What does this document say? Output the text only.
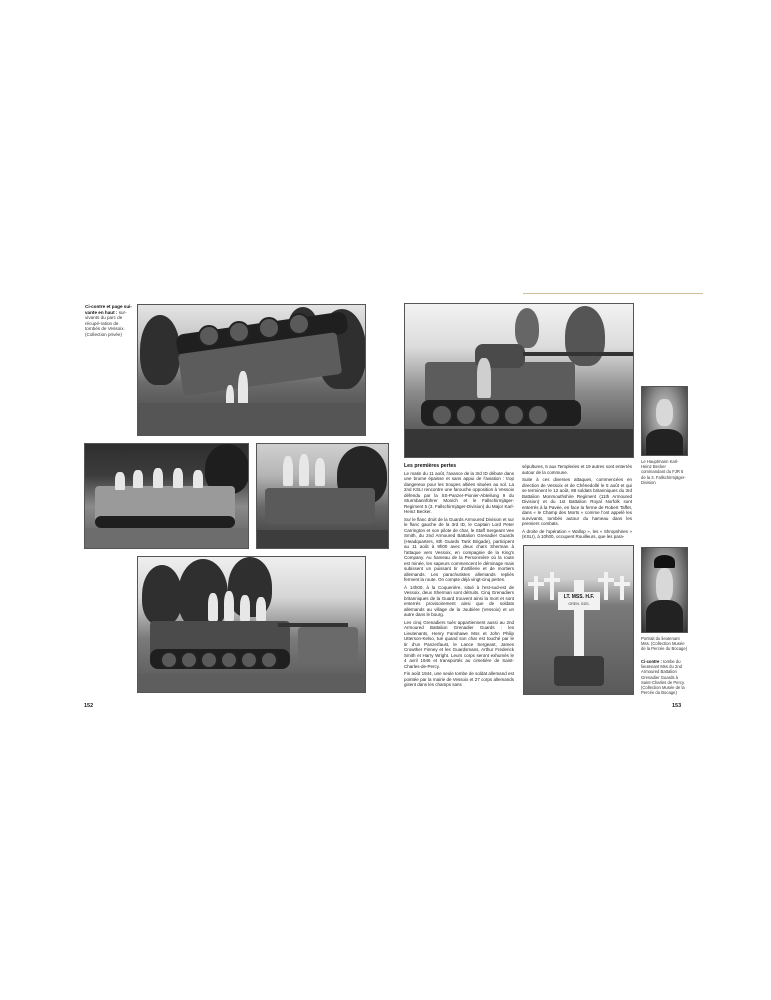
Ci-contre et page sui-vante en haut : sur-vivants du parc de récupé-ration de tombés de Vessoix. (Collection privée)
152
Le Hauptmann Karl-Heinz Becker commandant du FJR 5 de la 3. Fallschirmjäger-Division
Les premières pertes

Le matin du 11 août, l'avance de la 3rd ID débute dans une brume épaisse et sans appui de l'aviation : trop dangereux pour les troupes alliées situées au sol. La 2nd KSLI rencontre une farouche opposition à Vessoix défendu par la SS-Panzer-Pionier-Abteilung 9 du Sturmbannführer Monich et le Fallschirmjäger-Regiment 5 (3. Fallschirmjäger-Division) du Major Karl-Heinz Becker.

Sur le flanc droit de la Guards Armoured Division et sur le flanc gauche de la 3rd ID, le Captain Lord Peter Carrington et son pilote de char, le Staff Sergeant Vee Smith, du 2nd Armoured Battalion Grenadier Guards (Headquarters, 6th Guards Tank Brigade), participent au 11 août à 9h00 avec deux chars Sherman à l'attaque vers Vessoix, en compagnie de la King's Company. Au hameau de la Personnière où la route est minée, les sapeurs commencent le déminage mais subissent un puissant tir d'artillerie et de mortiers allemands. Les parachutistes allemands repliés ferment la route. On compte déjà vingt-cinq pertes.

À 14h00, à la Coquerière, situé à l'est-sud-est de Vessoix, deux Sherman sont détruits. Cinq Grenadiers britanniques de la Guard trouvent ainsi la mort et sont enterrés provisoirement ainsi que de soldats allemands au village de la Joubière (Vessoix) et un autre dans le bourg.

Les cinq Grenadiers tués appartiennent aussi au 2nd Armoured Battalion Grenadier Guards : les Lieutenants, Henry Fanshawe Mss et John Philip Utterson-Kelso, tué quand son char est touché par le tir d'un Panzerfaust, le Lance Sergeant, James Crowther Finney et les Guardsmans, Arthur Frederick Smith et Harry Wright. Leurs corps seront exhumés le 4 avril 1946 et transportés au cimetière de Saint-Charles-de-Percy.

Fin août 1944, une seule tombe de soldat allemand est pointée par la mairie de Vessoix et 27 corps allemands gisent dans les champs sans

sépultures, 6 aux Templeries et 19 autres sont enterrés autour de la commune.

Suite à ces diverses attaques, commencées en direction de Vessoix et de Chênedollé le 5 août et qui se terminent le 12 août, 88 soldats britanniques du 3rd Battalion Monmouthshire Regiment (11th Armoured Division) et du 1st Battalion Royal Norfolk sont enterrés à la Pavée, en face la ferme de Robert Taffet, dans « le Champ des Morts » comme l'ont appelé les survivants, tombés autour du hameau dans les premiers combats.

À droite de l'opération « Wallop », les « Shropshires » (KSLI), à 10h00, occupent Rouilleurs, que les para-

LT. MSS. H.F.
GREN. GDS.
Portrait du lieutenant Mss. (Collection Musée de la Percée du Bocage)
Ci-contre : tombe du lieutenant Mss du 2nd Armoured Battalion Grenadier Guards à Saint-Charles de Percy. (Collection Musée de la Percée du Bocage)
153
